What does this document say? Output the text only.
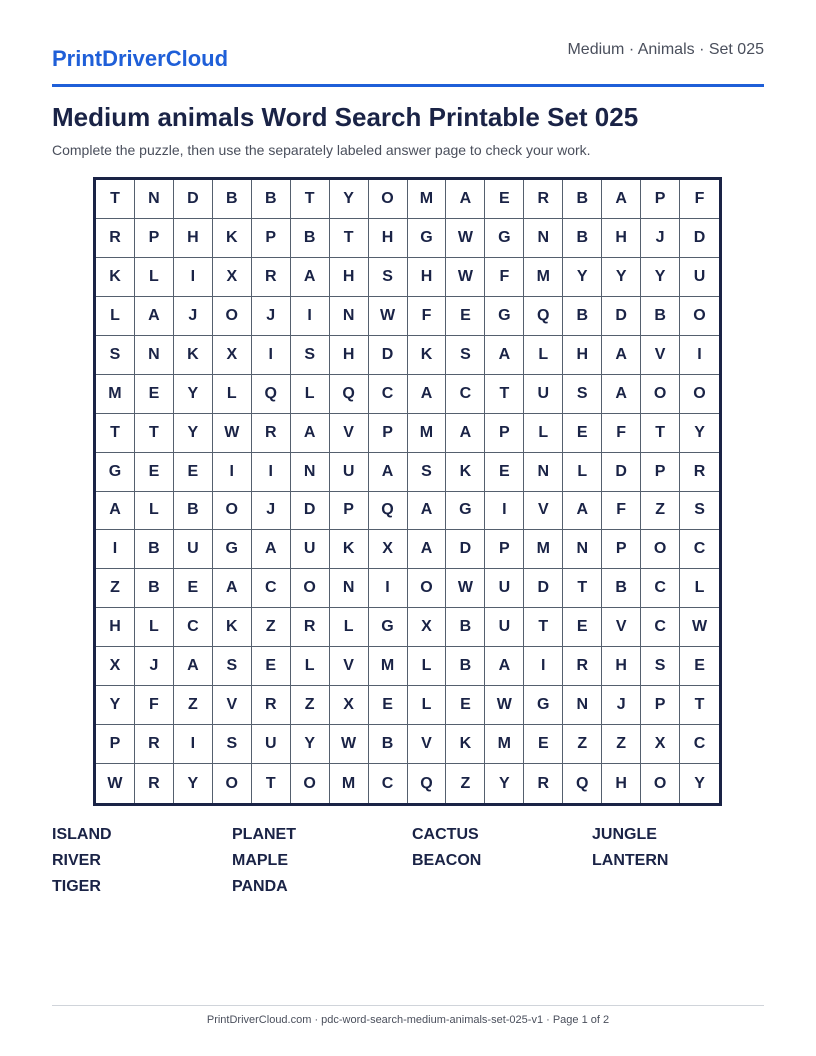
PrintDriverCloud	Medium · Animals · Set 025
Medium animals Word Search Printable Set 025

Complete the puzzle, then use the separately labeled answer page to check your work.

T	N	D	B	B	T	Y	O	M	A	E	R	B	A	P	F
R	P	H	K	P	B	T	H	G	W	G	N	B	H	J	D
K	L	I	X	R	A	H	S	H	W	F	M	Y	Y	Y	U
L	A	J	O	J	I	N	W	F	E	G	Q	B	D	B	O
S	N	K	X	I	S	H	D	K	S	A	L	H	A	V	I
M	E	Y	L	Q	L	Q	C	A	C	T	U	S	A	O	O
T	T	Y	W	R	A	V	P	M	A	P	L	E	F	T	Y
G	E	E	I	I	N	U	A	S	K	E	N	L	D	P	R
A	L	B	O	J	D	P	Q	A	G	I	V	A	F	Z	S
I	B	U	G	A	U	K	X	A	D	P	M	N	P	O	C
Z	B	E	A	C	O	N	I	O	W	U	D	T	B	C	L
H	L	C	K	Z	R	L	G	X	B	U	T	E	V	C	W
X	J	A	S	E	L	V	M	L	B	A	I	R	H	S	E
Y	F	Z	V	R	Z	X	E	L	E	W	G	N	J	P	T
P	R	I	S	U	Y	W	B	V	K	M	E	Z	Z	X	C
W	R	Y	O	T	O	M	C	Q	Z	Y	R	Q	H	O	Y
ISLAND	PLANET	CACTUS	JUNGLE
RIVER	MAPLE	BEACON	LANTERN
TIGER	PANDA
PrintDriverCloud.com · pdc-word-search-medium-animals-set-025-v1 · Page 1 of 2
